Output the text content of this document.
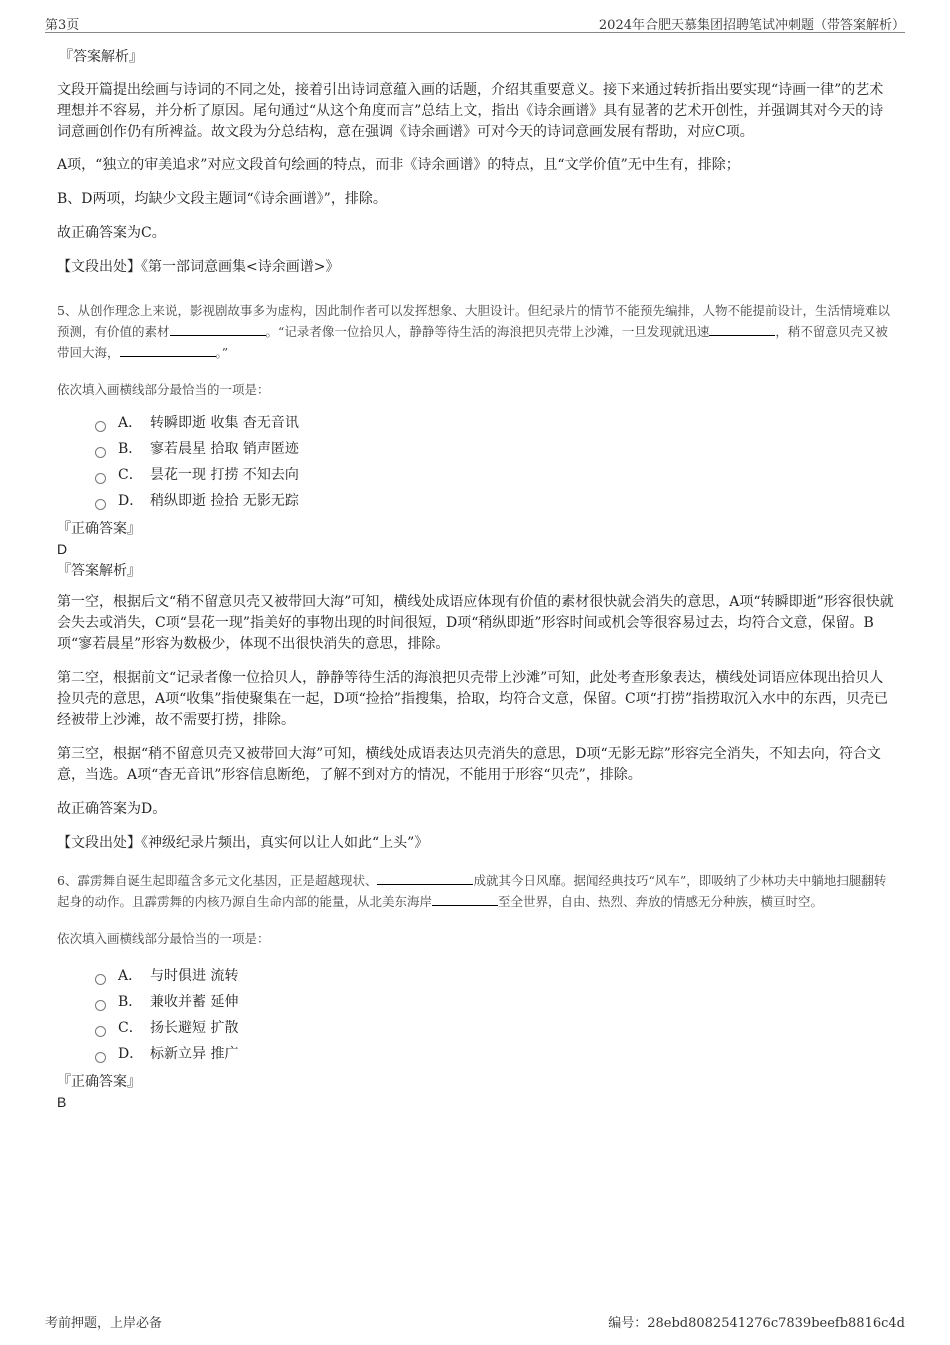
第3页	2024年合肥天慕集团招聘笔试冲刺题（带答案解析）

『答案解析』

文段开篇提出绘画与诗词的不同之处，接着引出诗词意蕴入画的话题，介绍其重要意义。接下来通过转折指出要实现“诗画一律”的艺术理想并不容易，并分析了原因。尾句通过“从这个角度而言”总结上文，指出《诗余画谱》具有显著的艺术开创性，并强调其对今天的诗词意画创作仍有所裨益。故文段为分总结构，意在强调《诗余画谱》可对今天的诗词意画发展有帮助，对应C项。

A项，“独立的审美追求”对应文段首句绘画的特点，而非《诗余画谱》的特点，且“文学价值”无中生有，排除；

B、D两项，均缺少文段主题词“《诗余画谱》”，排除。

故正确答案为C。

【文段出处】《第一部词意画集<诗余画谱>》

5、从创作理念上来说，影视剧故事多为虚构，因此制作者可以发挥想象、大胆设计。但纪录片的情节不能预先编排，人物不能提前设计，生活情境难以预测，有价值的素材	。“记录者像一位拾贝人，静静等待生活的海浪把贝壳带上沙滩，一旦发现就迅速	，稍不留意贝壳又被带回大海，	。”

依次填入画横线部分最恰当的一项是：

A． 转瞬即逝 收集 杳无音讯
B． 寥若晨星 拾取 销声匿迹
C． 昙花一现 打捞 不知去向
D． 稍纵即逝 捡拾 无影无踪

『正确答案』

D

『答案解析』

第一空，根据后文“稍不留意贝壳又被带回大海”可知，横线处成语应体现有价值的素材很快就会消失的意思，A项“转瞬即逝”形容很快就会失去或消失，C项“昙花一现”指美好的事物出现的时间很短，D项“稍纵即逝”形容时间或机会等很容易过去，均符合文意，保留。B项“寥若晨星”形容为数极少，体现不出很快消失的意思，排除。

第二空，根据前文“记录者像一位拾贝人，静静等待生活的海浪把贝壳带上沙滩”可知，此处考查形象表达，横线处词语应体现出拾贝人捡贝壳的意思，A项“收集”指使聚集在一起，D项“捡拾”指搜集，拾取，均符合文意，保留。C项“打捞”指捞取沉入水中的东西，贝壳已经被带上沙滩，故不需要打捞，排除。

第三空，根据“稍不留意贝壳又被带回大海”可知，横线处成语表达贝壳消失的意思，D项“无影无踪”形容完全消失，不知去向，符合文意，当选。A项“杳无音讯”形容信息断绝，了解不到对方的情况，不能用于形容“贝壳”，排除。

故正确答案为D。

【文段出处】《神级纪录片频出，真实何以让人如此“上头”》

6、霹雳舞自诞生起即蕴含多元文化基因，正是超越现状、	成就其今日风靡。据闻经典技巧“风车”，即吸纳了少林功夫中躺地扫腿翻转起身的动作。且霹雳舞的内核乃源自生命内部的能量，从北美东海岸	至全世界，自由、热烈、奔放的情感无分种族，横亘时空。

依次填入画横线部分最恰当的一项是：

A． 与时俱进 流转
B． 兼收并蓄 延伸
C． 扬长避短 扩散
D． 标新立异 推广

『正确答案』

B

考前押题，上岸必备	编号：28ebd8082541276c7839beefb8816c4d
